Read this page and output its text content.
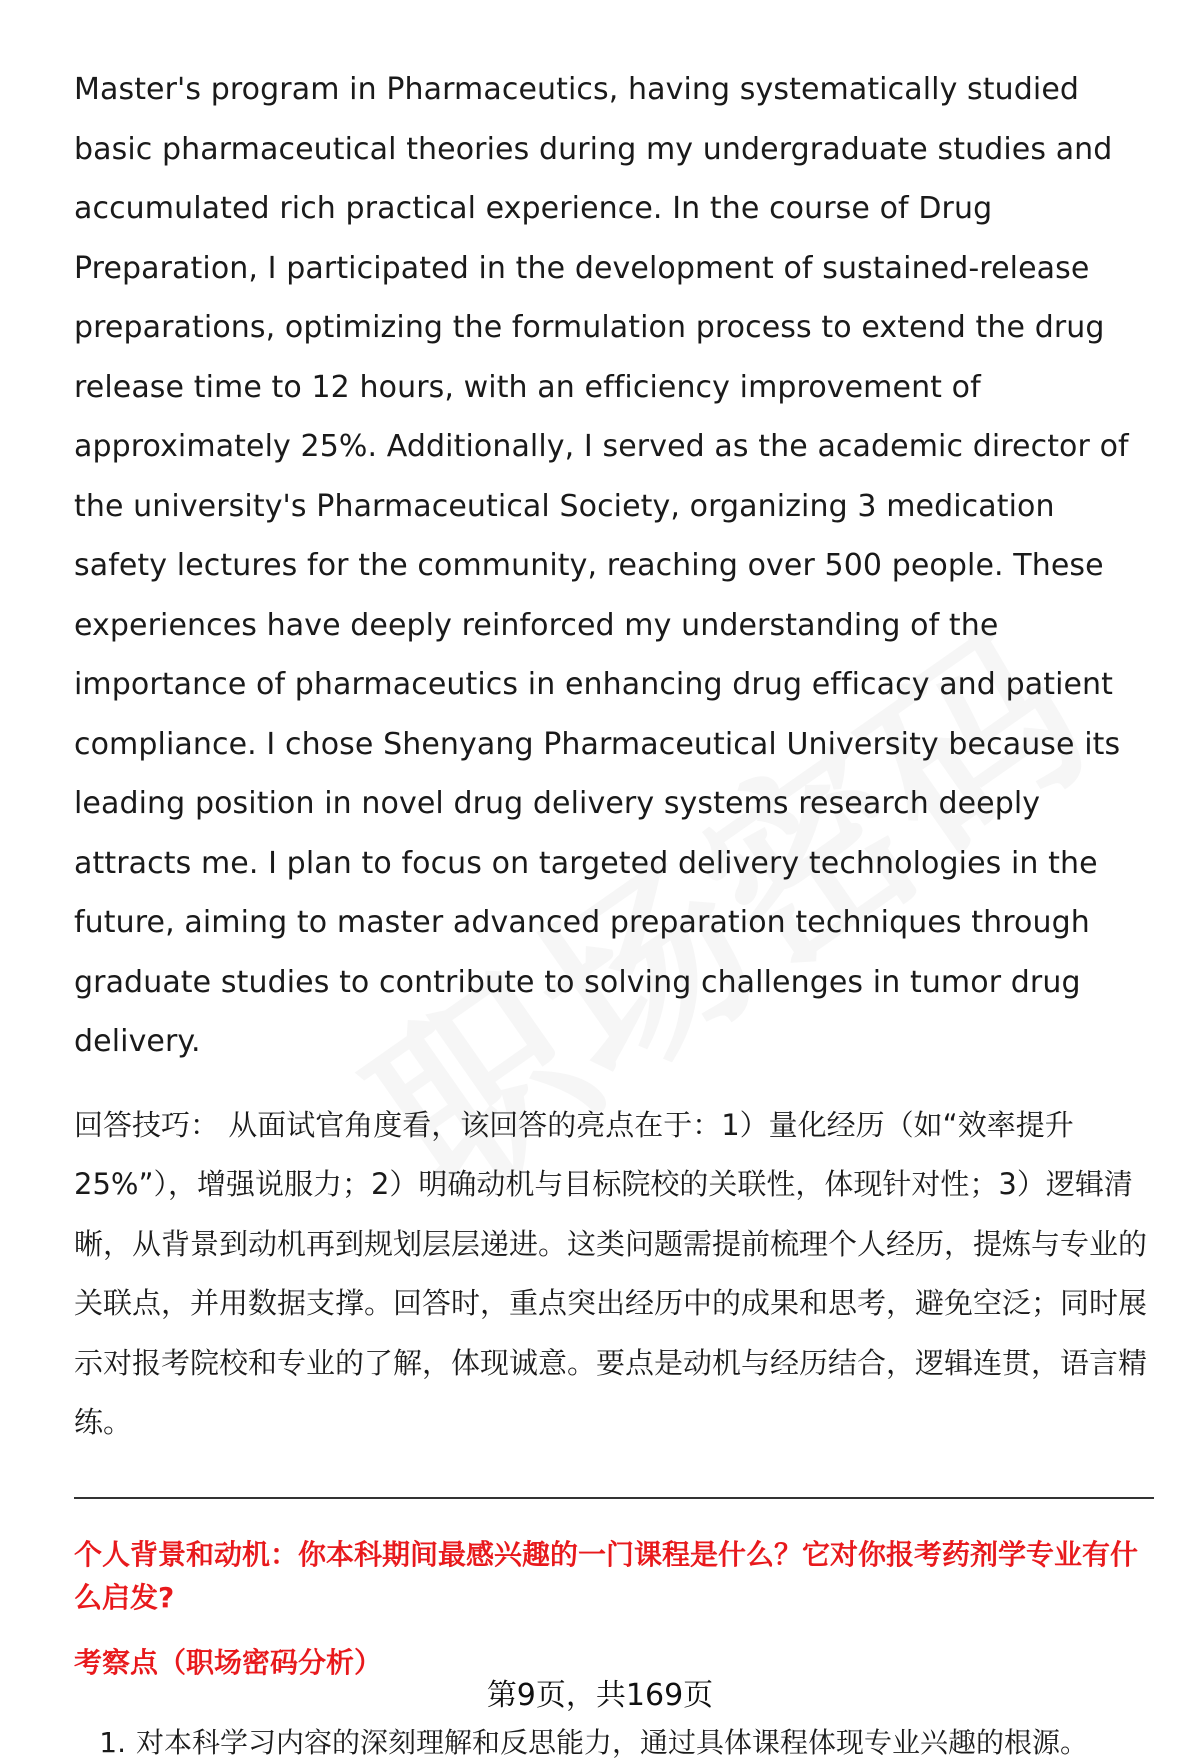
Master's program in Pharmaceutics, having systematically studied basic pharmaceutical theories during my undergraduate studies and accumulated rich practical experience. In the course of Drug Preparation, I participated in the development of sustained-release preparations, optimizing the formulation process to extend the drug release time to 12 hours, with an efficiency improvement of approximately 25%. Additionally, I served as the academic director of the university's Pharmaceutical Society, organizing 3 medication safety lectures for the community, reaching over 500 people. These experiences have deeply reinforced my understanding of the importance of pharmaceutics in enhancing drug efficacy and patient compliance. I chose Shenyang Pharmaceutical University because its leading position in novel drug delivery systems research deeply attracts me. I plan to focus on targeted delivery technologies in the future, aiming to master advanced preparation techniques through graduate studies to contribute to solving challenges in tumor drug delivery.

回答技巧： 从面试官角度看，该回答的亮点在于：1）量化经历（如“效率提升25%”），增强说服力；2）明确动机与目标院校的关联性，体现针对性；3）逻辑清晰，从背景到动机再到规划层层递进。这类问题需提前梳理个人经历，提炼与专业的关联点，并用数据支撑。回答时，重点突出经历中的成果和思考，避免空泛；同时展示对报考院校和专业的了解，体现诚意。要点是动机与经历结合，逻辑连贯，语言精练。

个人背景和动机：你本科期间最感兴趣的一门课程是什么？它对你报考药剂学专业有什么启发?
考察点（职场密码分析）
1. 对本科学习内容的深刻理解和反思能力，通过具体课程体现专业兴趣的根源。
第9页，共169页
